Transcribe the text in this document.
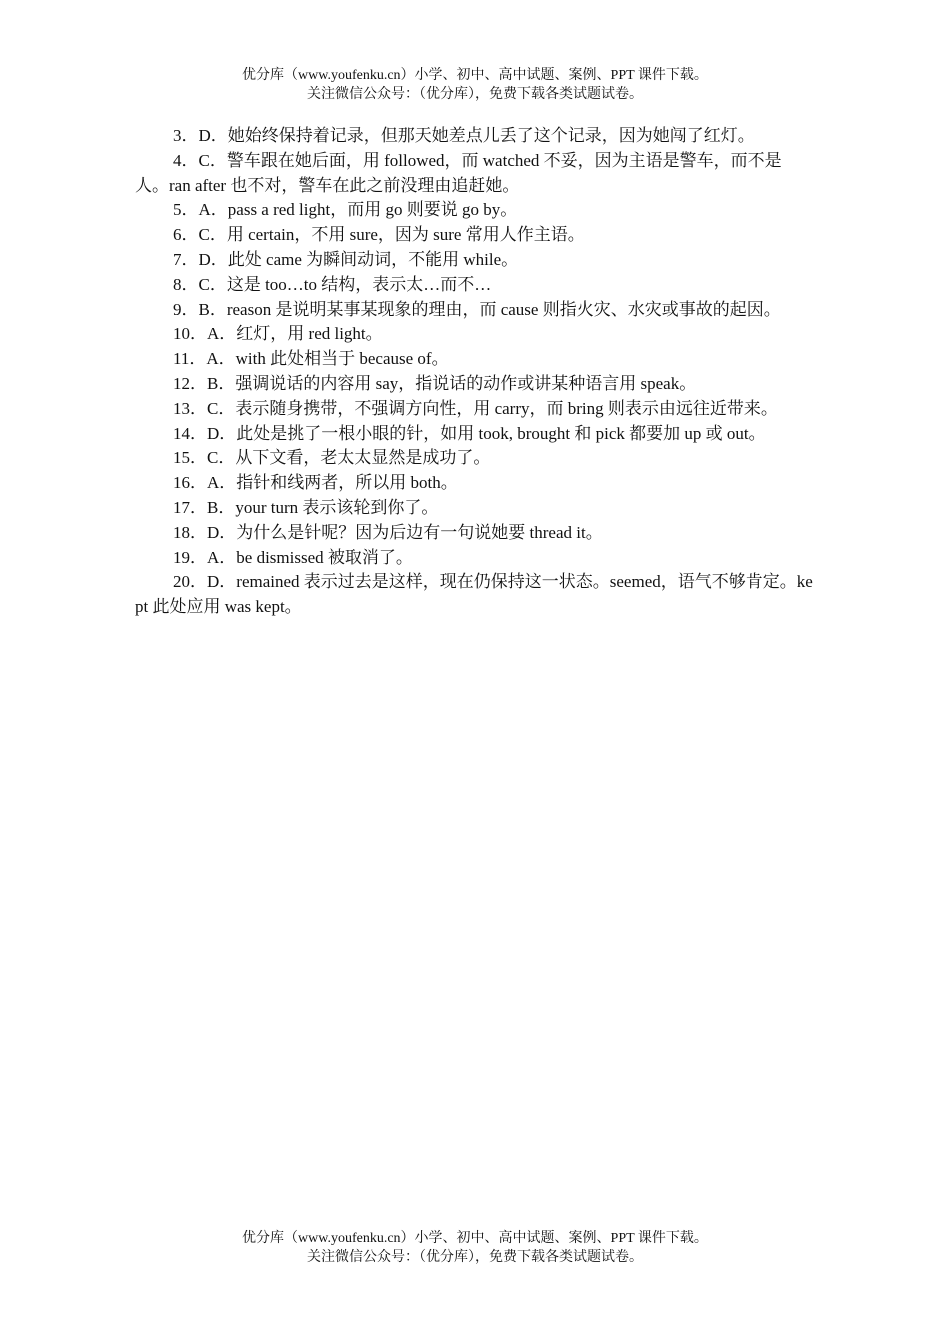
优分库（www.youfenku.cn）小学、初中、高中试题、案例、PPT 课件下载。
关注微信公众号：（优分库），免费下载各类试题试卷。

3．D．她始终保持着记录，但那天她差点儿丢了这个记录，因为她闯了红灯。

4．C．警车跟在她后面，用 followed，而 watched 不妥，因为主语是警车，而不是人。ran after 也不对，警车在此之前没理由追赶她。

5．A．pass a red light，而用 go 则要说 go by。

6．C．用 certain，不用 sure，因为 sure 常用人作主语。

7．D．此处 came 为瞬间动词，不能用 while。

8．C．这是 too…to 结构，表示太…而不…

9．B．reason 是说明某事某现象的理由，而 cause 则指火灾、水灾或事故的起因。

10．A．红灯，用 red light。

11．A．with 此处相当于 because of。

12．B．强调说话的内容用 say，指说话的动作或讲某种语言用 speak。

13．C．表示随身携带，不强调方向性，用 carry，而 bring 则表示由远往近带来。

14．D．此处是挑了一根小眼的针，如用 took, brought 和 pick 都要加 up 或 out。

15．C．从下文看，老太太显然是成功了。

16．A．指针和线两者，所以用 both。

17．B．your turn 表示该轮到你了。

18．D．为什么是针呢？因为后边有一句说她要 thread it。

19．A．be dismissed 被取消了。

20．D．remained 表示过去是这样，现在仍保持这一状态。seemed，语气不够肯定。kept 此处应用 was kept。

优分库（www.youfenku.cn）小学、初中、高中试题、案例、PPT 课件下载。
关注微信公众号：（优分库），免费下载各类试题试卷。
